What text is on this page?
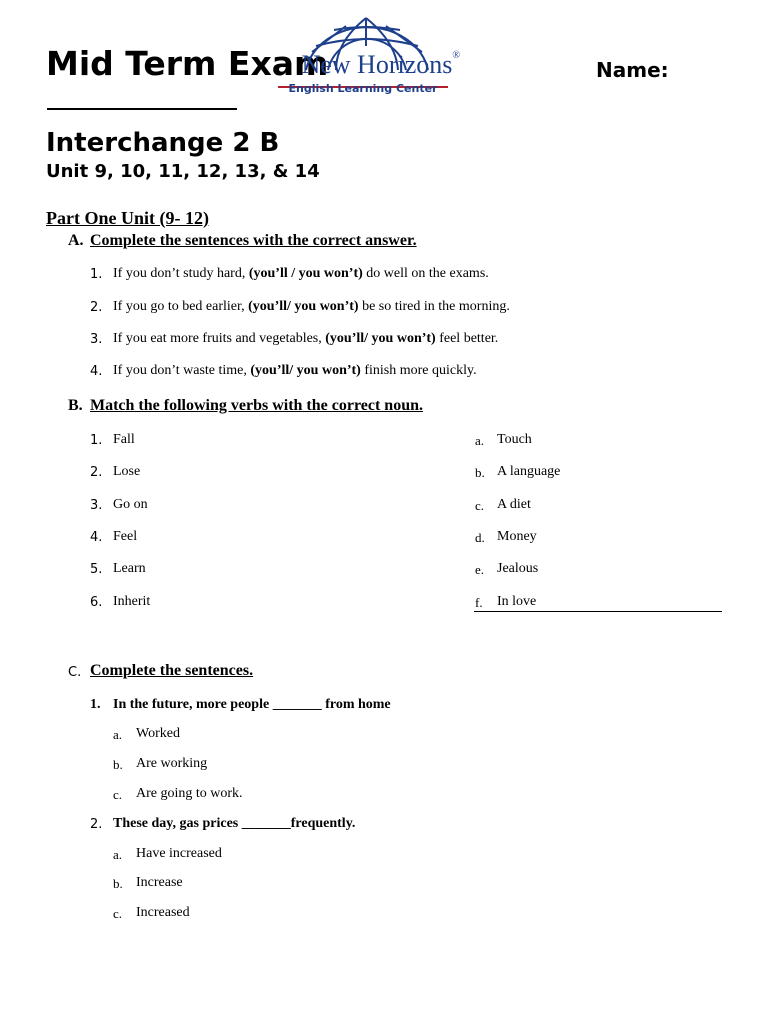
Mid Term Exam
New Horizons®
English Learning Center
Name:
Interchange 2 B
Unit 9, 10, 11, 12, 13, & 14
Part One Unit (9- 12)
A. Complete the sentences with the correct answer.
1. If you don’t study hard, (you’ll / you won’t) do well on the exams.
2. If you go to bed earlier, (you’ll/ you won’t) be so tired in the morning.
3. If you eat more fruits and vegetables, (you’ll/ you won’t) feel better.
4. If you don’t waste time, (you’ll/ you won’t) finish more quickly.
B. Match the following verbs with the correct noun.
1. Fall
2. Lose
3. Go on
4. Feel
5. Learn
6. Inherit
a. Touch
b. A language
c. A diet
d. Money
e. Jealous
f. In love
C. Complete the sentences.
1. In the future, more people _______ from home
a. Worked
b. Are working
c. Are going to work.
2. These day, gas prices _______frequently.
a. Have increased
b. Increase
c. Increased
